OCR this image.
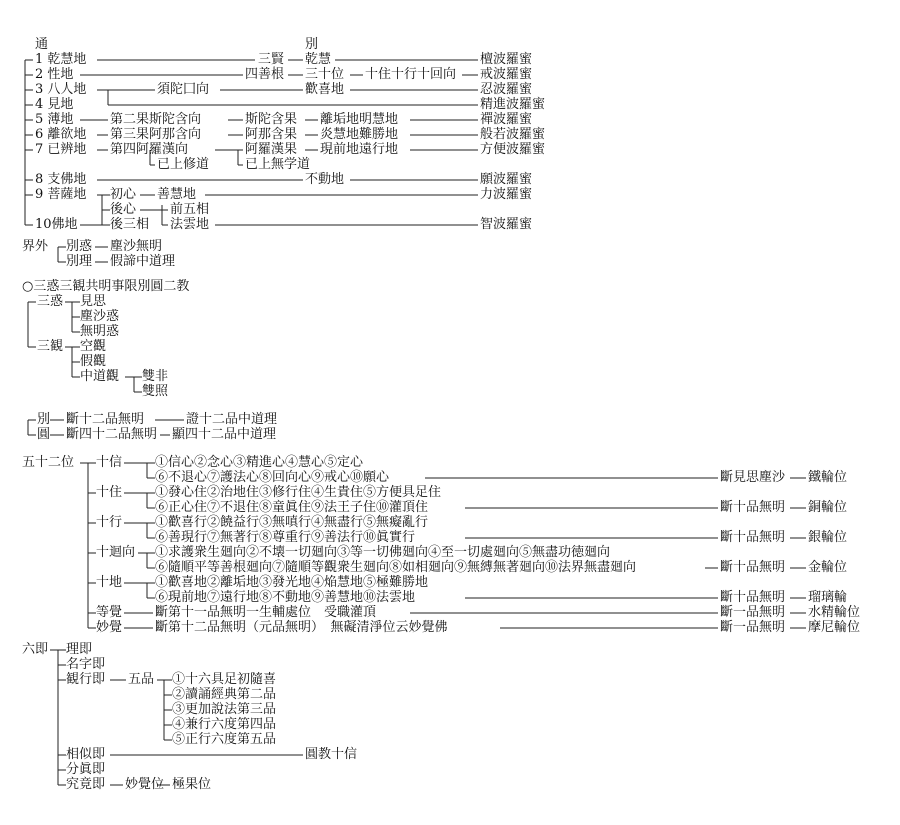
通	別
1 乾慧地	三賢 乾慧	檀波羅蜜
2 性地	四善根 三十位 十住十行十回向 戒波羅蜜
3 八人地	須陀囗向	歡喜地	忍波羅蜜
4 見地	精進波羅蜜
5 薄地	第二果斯陀含向	斯陀含果 離垢地明慧地	禪波羅蜜
6 離欲地 第三果阿那含向	阿那含果 炎慧地難勝地	般若波羅蜜
7 已辨地 第四阿羅漢向	阿羅漢果 現前地遠行地	方便波羅蜜
已上修道	已上無学道
8 支佛地	不動地	願波羅蜜
9 菩薩地 初心 善慧地	力波羅蜜
後心	前五相
10佛地 後三相 法雲地	智波羅蜜
界外 別惑 塵沙無明
別理 假諦中道理
○三惑三観共明事限別圓二教
三惑 見思
塵沙惑
無明惑
三観 空觀
假觀
中道觀 雙非
雙照
別 斷十二品無明	證十二品中道理
圓 斷四十二品無明 顯四十二品中道理
五十二位 十信	①信心②念心③精進心④慧心⑤定心
⑥不退心⑦護法心⑧回向心⑨戒心⑩願心	斷見思塵沙 鐵輪位
十住	①發心住②治地住③修行住④生貴住⑤方便具足住
⑥正心住⑦不退住⑧童眞住⑨法王子住⑩灌頂住	斷十品無明 銅輪位
十行	①歡喜行②饒益行③無嗔行④無盡行⑤無癡亂行
⑥善現行⑦無著行⑧尊重行⑨善法行⑩眞實行	斷十品無明 銀輪位
十迴向 ①求護衆生廻向②不壊一切廻向③等一切佛廻向④至一切處廻向⑤無盡功徳廻向
⑥隨順平等善根廻向⑦隨順等觀衆生廻向⑧如相廻向⑨無縛無著廻向⑩法界無盡廻向	斷十品無明 金輪位
十地	①歡喜地②離垢地③發光地④焔慧地⑤極難勝地
⑥現前地⑦遠行地⑧不動地⑨善慧地⑩法雲地	斷十品無明 瑠璃輪
等覺	斷第十一品無明一生輔處位　受職灌頂	斷一品無明 水精輪位
妙覺	斷第十二品無明（元品無明）　無礙清淨位云妙覺佛	斷一品無明 摩尼輪位
六即 理即
名字即
観行即 五品 ①十六具足初隨喜
②讀誦經典第二品
③更加說法第三品
④兼行六度第四品
⑤正行六度第五品
相似即	圓教十信
分眞即
究竟即 妙覺位 極果位
